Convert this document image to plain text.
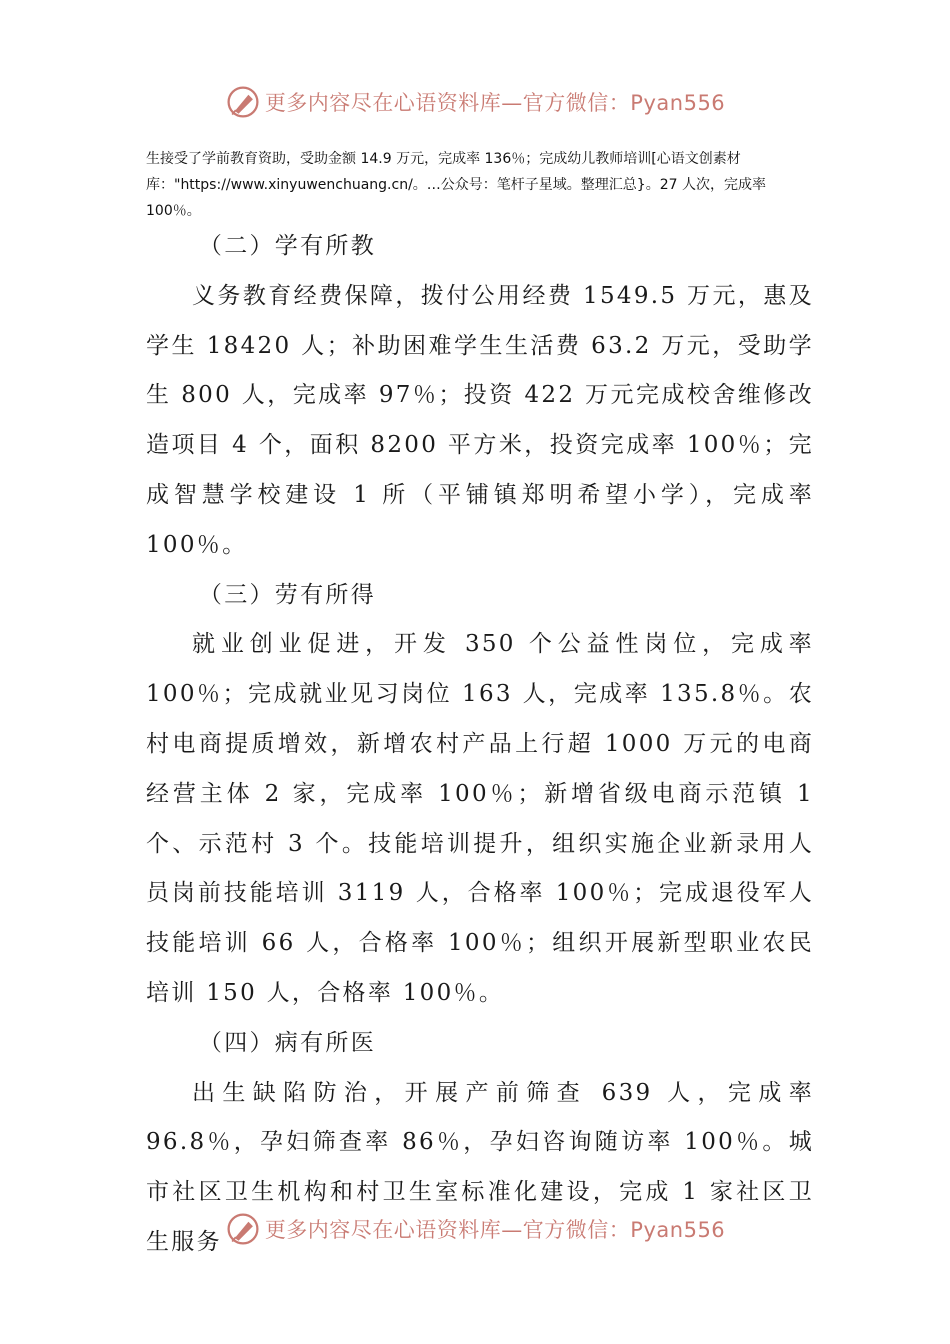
更多内容尽在心语资料库—官方微信：Pyan556

生接受了学前教育资助，受助金额 14.9 万元，完成率 136％；完成幼儿教师培训[心语文创素材库："https://www.xinyuwenchuang.cn/。…公众号：笔杆子星域。整理汇总}。27 人次，完成率 100％。

（二）学有所教

义务教育经费保障，拨付公用经费 1549.5 万元，惠及学生 18420 人；补助困难学生生活费 63.2 万元，受助学生 800 人，完成率 97％；投资 422 万元完成校舍维修改造项目 4 个，面积 8200 平方米，投资完成率 100％；完成智慧学校建设 1 所（平铺镇郑明希望小学），完成率 100％。

（三）劳有所得

就业创业促进，开发 350 个公益性岗位，完成率 100％；完成就业见习岗位 163 人，完成率 135.8％。农村电商提质增效，新增农村产品上行超 1000 万元的电商经营主体 2 家，完成率 100％；新增省级电商示范镇 1 个、示范村 3 个。技能培训提升，组织实施企业新录用人员岗前技能培训 3119 人，合格率 100％；完成退役军人技能培训 66 人，合格率 100％；组织开展新型职业农民培训 150 人，合格率 100％。

（四）病有所医

出生缺陷防治，开展产前筛查 639 人，完成率 96.8％，孕妇筛查率 86％，孕妇咨询随访率 100％。城市社区卫生机构和村卫生室标准化建设，完成 1 家社区卫生服务	更多内容尽在心语资料库—官方微信：Pyan556
